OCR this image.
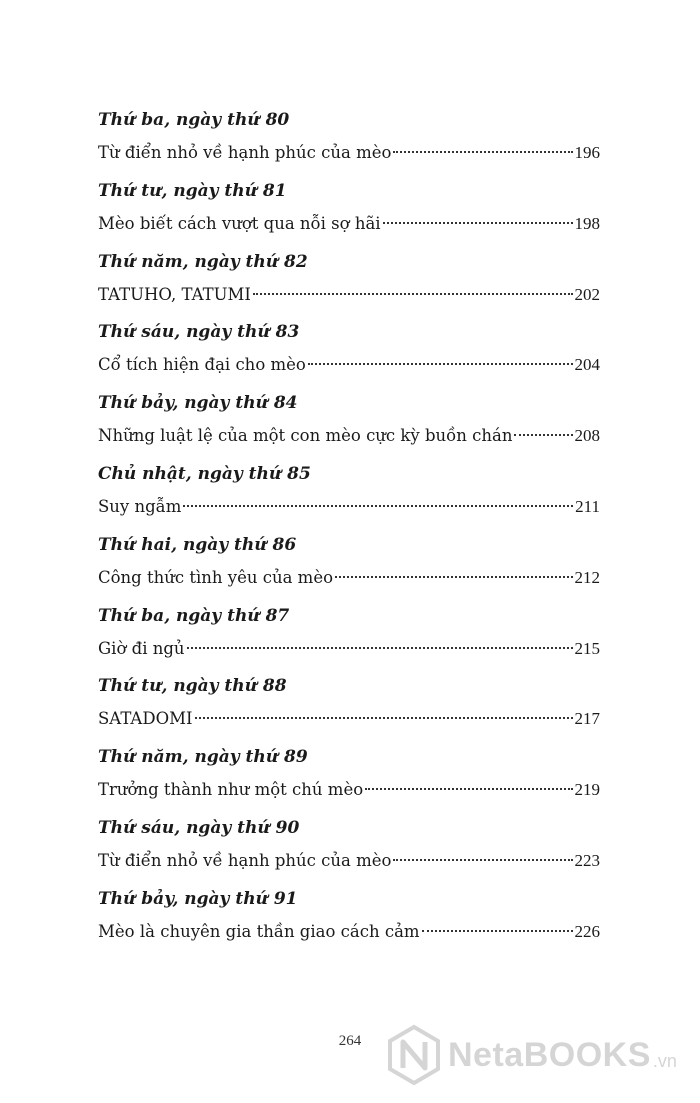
Thứ ba, ngày thứ 80
Từ điển nhỏ về hạnh phúc của mèo	196
Thứ tư, ngày thứ 81
Mèo biết cách vượt qua nỗi sợ hãi	198
Thứ năm, ngày thứ 82
TATUHO, TATUMI	202
Thứ sáu, ngày thứ 83
Cổ tích hiện đại cho mèo	204
Thứ bảy, ngày thứ 84
Những luật lệ của một con mèo cực kỳ buồn chán	208
Chủ nhật, ngày thứ 85
Suy ngẫm	211
Thứ hai, ngày thứ 86
Công thức tình yêu của mèo	212
Thứ ba, ngày thứ 87
Giờ đi ngủ	215
Thứ tư, ngày thứ 88
SATADOMI	217
Thứ năm, ngày thứ 89
Trưởng thành như một chú mèo	219
Thứ sáu, ngày thứ 90
Từ điển nhỏ về hạnh phúc của mèo	223
Thứ bảy, ngày thứ 91
Mèo là chuyên gia thần giao cách cảm	226
264	NetaBOOKS .vn
